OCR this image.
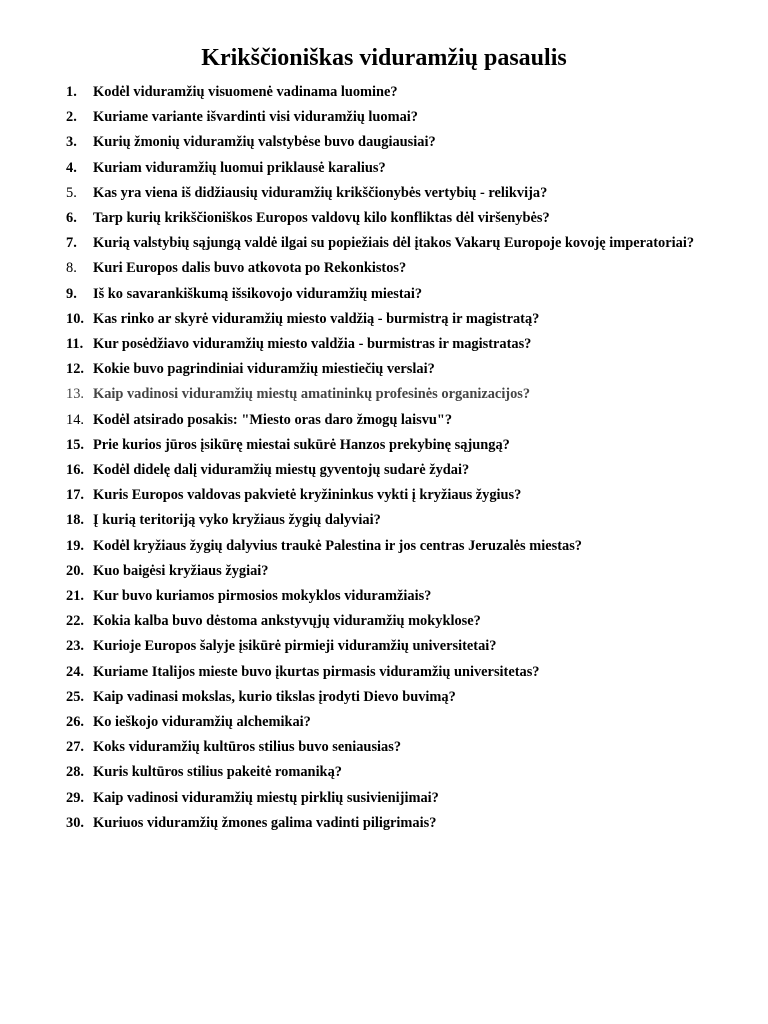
Krikščioniškas viduramžių pasaulis
1.	Kodėl viduramžių visuomenė vadinama luomine?
2.	Kuriame variante išvardinti visi viduramžių luomai?
3.	Kurių žmonių viduramžių valstybėse buvo daugiausiai?
4.	Kuriam viduramžių luomui priklausė karalius?
5.	Kas yra viena iš didžiausių viduramžių krikščionybės vertybių - relikvija?
6.	Tarp kurių krikščioniškos Europos valdovų kilo konfliktas dėl viršenybės?
7.	Kurią valstybių sąjungą valdė ilgai su popiežiais dėl įtakos Vakarų Europoje kovoję imperatoriai?
8.	Kuri Europos dalis buvo atkovota po Rekonkistos?
9.	Iš ko savarankiškumą išsikovojo viduramžių miestai?
10. Kas rinko ar skyrė viduramžių miesto valdžią - burmistrą ir magistratą?
11. Kur posėdžiavo viduramžių miesto valdžia - burmistras ir magistratas?
12. Kokie buvo pagrindiniai viduramžių miestiečių verslai?
13. Kaip vadinosi viduramžių miestų amatininkų profesinės organizacijos?
14. Kodėl atsirado posakis: "Miesto oras daro žmogų laisvu"?
15. Prie kurios jūros įsikūrę miestai sukūrė Hanzos prekybinę sąjungą?
16. Kodėl didelę dalį viduramžių miestų gyventojų sudarė žydai?
17. Kuris Europos valdovas pakvietė kryžininkus vykti į kryžiaus žygius?
18. Į kurią teritoriją vyko kryžiaus žygių dalyviai?
19. Kodėl kryžiaus žygių dalyvius traukė Palestina ir jos centras Jeruzalės miestas?
20. Kuo baigėsi kryžiaus žygiai?
21. Kur buvo kuriamos pirmosios mokyklos viduramžiais?
22. Kokia kalba buvo dėstoma ankstyvųjų viduramžių mokyklose?
23. Kurioje Europos šalyje įsikūrė pirmieji viduramžių universitetai?
24. Kuriame Italijos mieste buvo įkurtas pirmasis viduramžių universitetas?
25. Kaip vadinasi mokslas, kurio tikslas įrodyti Dievo buvimą?
26. Ko ieškojo viduramžių alchemikai?
27. Koks viduramžių kultūros stilius buvo seniausias?
28. Kuris kultūros stilius pakeitė romaniką?
29. Kaip vadinosi viduramžių miestų pirklių susivienijimai?
30. Kuriuos viduramžių žmones galima vadinti piligrimais?
